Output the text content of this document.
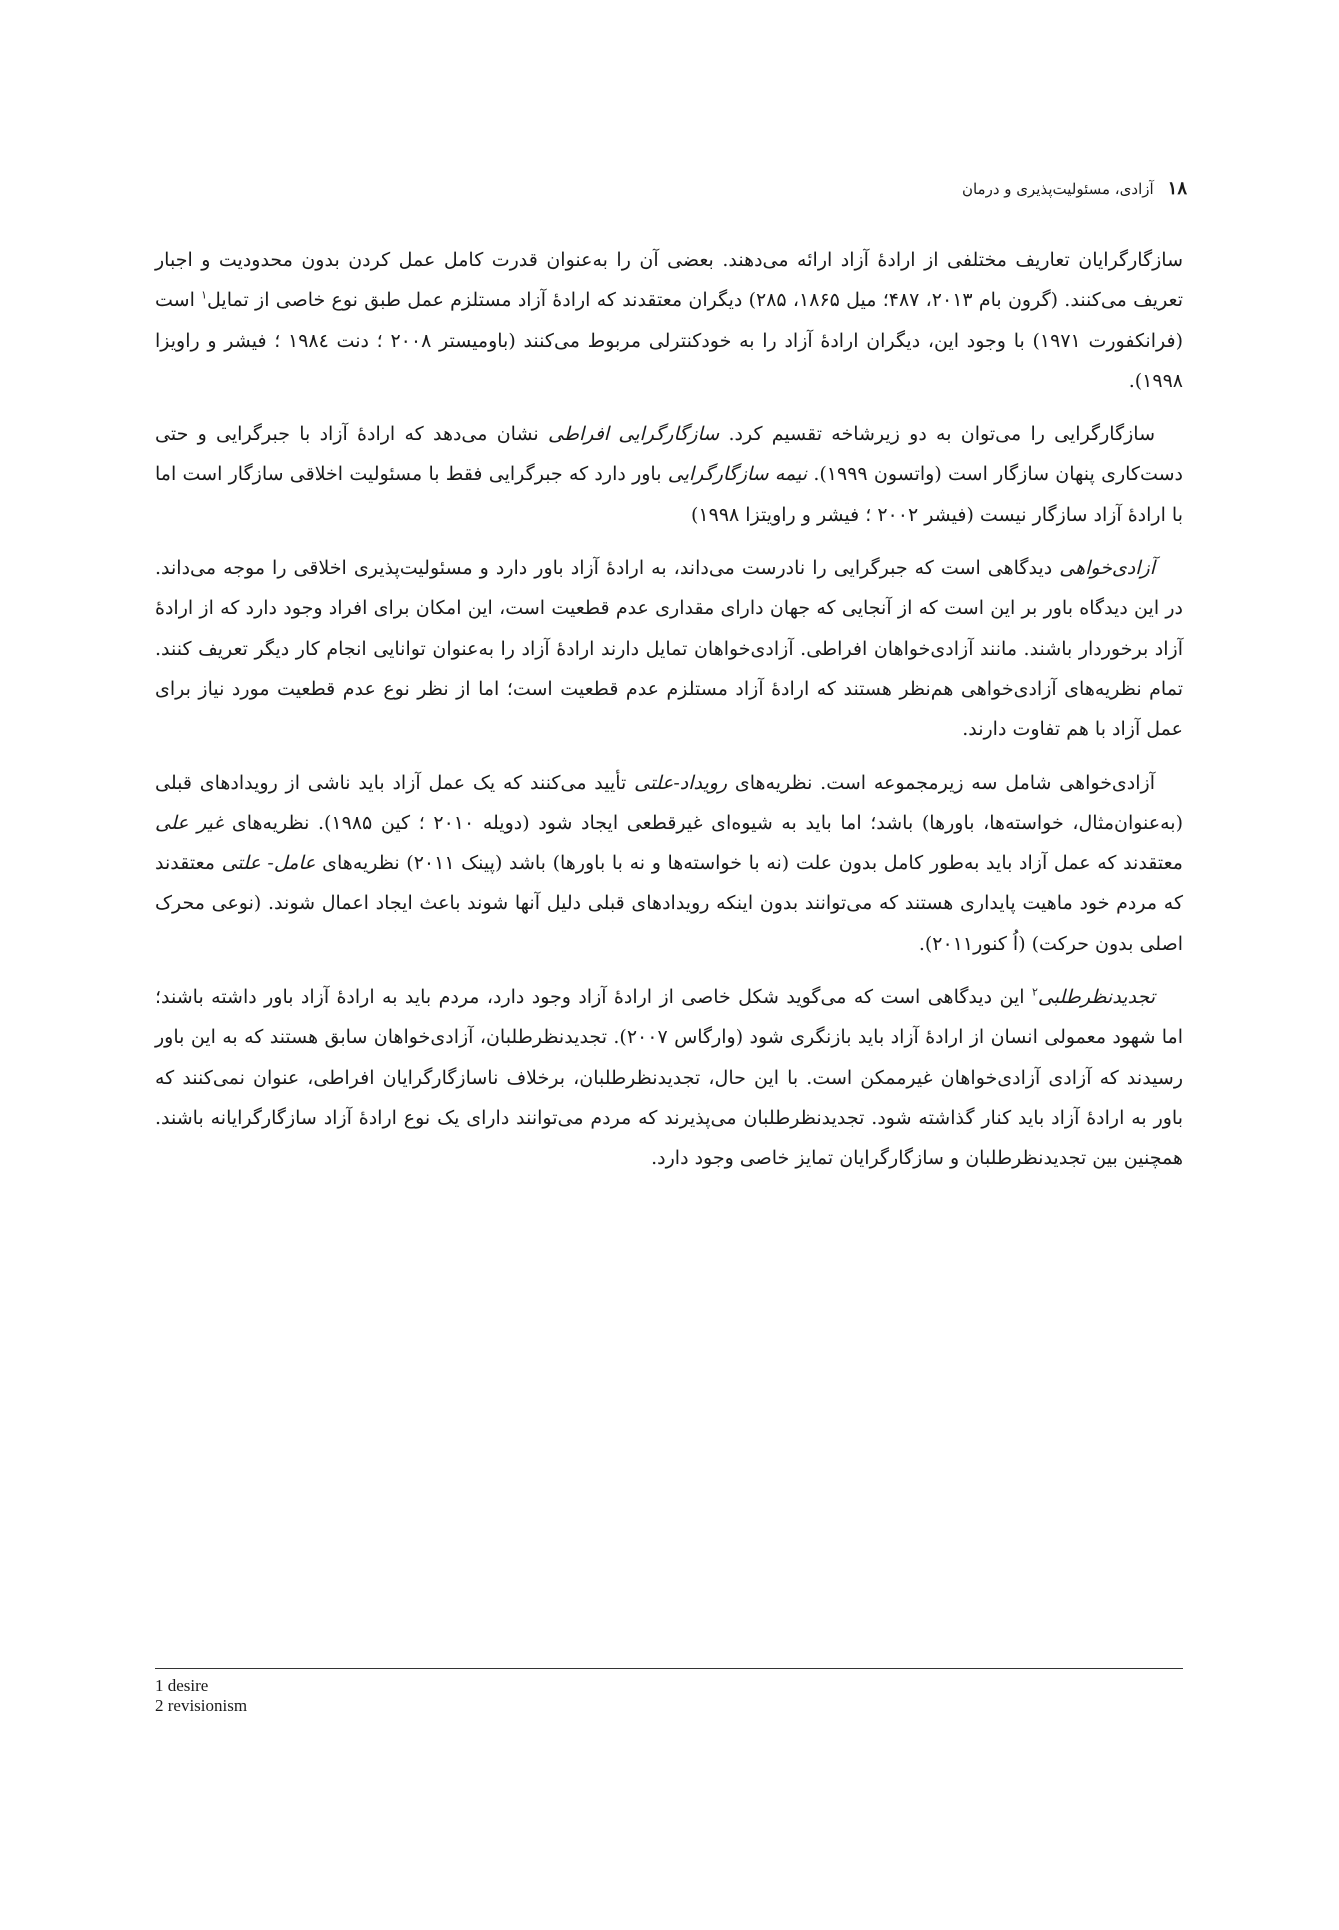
۱۸
آزادی، مسئولیت‌پذیری و درمان

سازگارگرایان تعاریف مختلفی از ارادهٔ آزاد ارائه می‌دهند. بعضی آن را به‌عنوان قدرت کامل عمل کردن بدون محدودیت و اجبار تعریف می‌کنند. (گرون بام ۲۰۱۳، ۴۸۷؛ میل ۱۸۶۵، ۲۸۵) دیگران معتقدند که ارادهٔ آزاد مستلزم عمل طبق نوع خاصی از تمایل$^۱$ است (فرانکفورت ۱۹۷۱) با وجود این، دیگران ارادهٔ آزاد را به خودکنترلی مربوط می‌کنند (باومیستر ۲۰۰۸ ؛ دنت ۱۹۸٤ ؛ فیشر و راویزا ۱۹۹۸).

سازگارگرایی را می‌توان به دو زیرشاخه تقسیم کرد. سازگارگرایی افراطی نشان می‌دهد که ارادهٔ آزاد با جبرگرایی و حتی دست‌کاری پنهان سازگار است (واتسون ۱۹۹۹). نیمه سازگارگرایی باور دارد که جبرگرایی فقط با مسئولیت اخلاقی سازگار است اما با ارادهٔ آزاد سازگار نیست (فیشر ۲۰۰۲ ؛ فیشر و راویتزا ۱۹۹۸)

آزادی‌خواهی دیدگاهی است که جبرگرایی را نادرست می‌داند، به ارادهٔ آزاد باور دارد و مسئولیت‌پذیری اخلاقی را موجه می‌داند. در این دیدگاه باور بر این است که از آنجایی که جهان دارای مقداری عدم قطعیت است، این امکان برای افراد وجود دارد که از ارادهٔ آزاد برخوردار باشند. مانند آزادی‌خواهان افراطی. آزادی‌خواهان تمایل دارند ارادهٔ آزاد را به‌عنوان توانایی انجام کار دیگر تعریف کنند. تمام نظریه‌های آزادی‌خواهی هم‌نظر هستند که ارادهٔ آزاد مستلزم عدم قطعیت است؛ اما از نظر نوع عدم قطعیت مورد نیاز برای عمل آزاد با هم تفاوت دارند.

آزادی‌خواهی شامل سه زیرمجموعه است. نظریه‌های رویداد-علتی تأیید می‌کنند که یک عمل آزاد باید ناشی از رویدادهای قبلی (به‌عنوان‌مثال، خواسته‌ها، باورها) باشد؛ اما باید به شیوه‌ای غیرقطعی ایجاد شود (دویله ۲۰۱۰ ؛ کین ۱۹۸۵). نظریه‌های غیر علی معتقدند که عمل آزاد باید به‌طور کامل بدون علت (نه با خواسته‌ها و نه با باورها) باشد (پینک ۲۰۱۱) نظریه‌های عامل- علتی معتقدند که مردم خود ماهیت پایداری هستند که می‌توانند بدون اینکه رویدادهای قبلی دلیل آنها شوند باعث ایجاد اعمال شوند. (نوعی محرک اصلی بدون حرکت) (اُ کنور۲۰۱۱).

تجدیدنظرطلبی$^۲$ این دیدگاهی است که می‌گوید شکل خاصی از ارادهٔ آزاد وجود دارد، مردم باید به ارادهٔ آزاد باور داشته باشند؛ اما شهود معمولی انسان از ارادهٔ آزاد باید بازنگری شود (وارگاس ۲۰۰۷). تجدیدنظرطلبان، آزادی‌خواهان سابق هستند که به این باور رسیدند که آزادی آزادی‌خواهان غیرممکن است. با این حال، تجدیدنظرطلبان، برخلاف ناسازگارگرایان افراطی، عنوان نمی‌کنند که باور به ارادهٔ آزاد باید کنار گذاشته شود. تجدیدنظرطلبان می‌پذیرند که مردم می‌توانند دارای یک نوع ارادهٔ آزاد سازگارگرایانه باشند. همچنین بین تجدیدنظرطلبان و سازگارگرایان تمایز خاصی وجود دارد.

1 desire
2 revisionism
